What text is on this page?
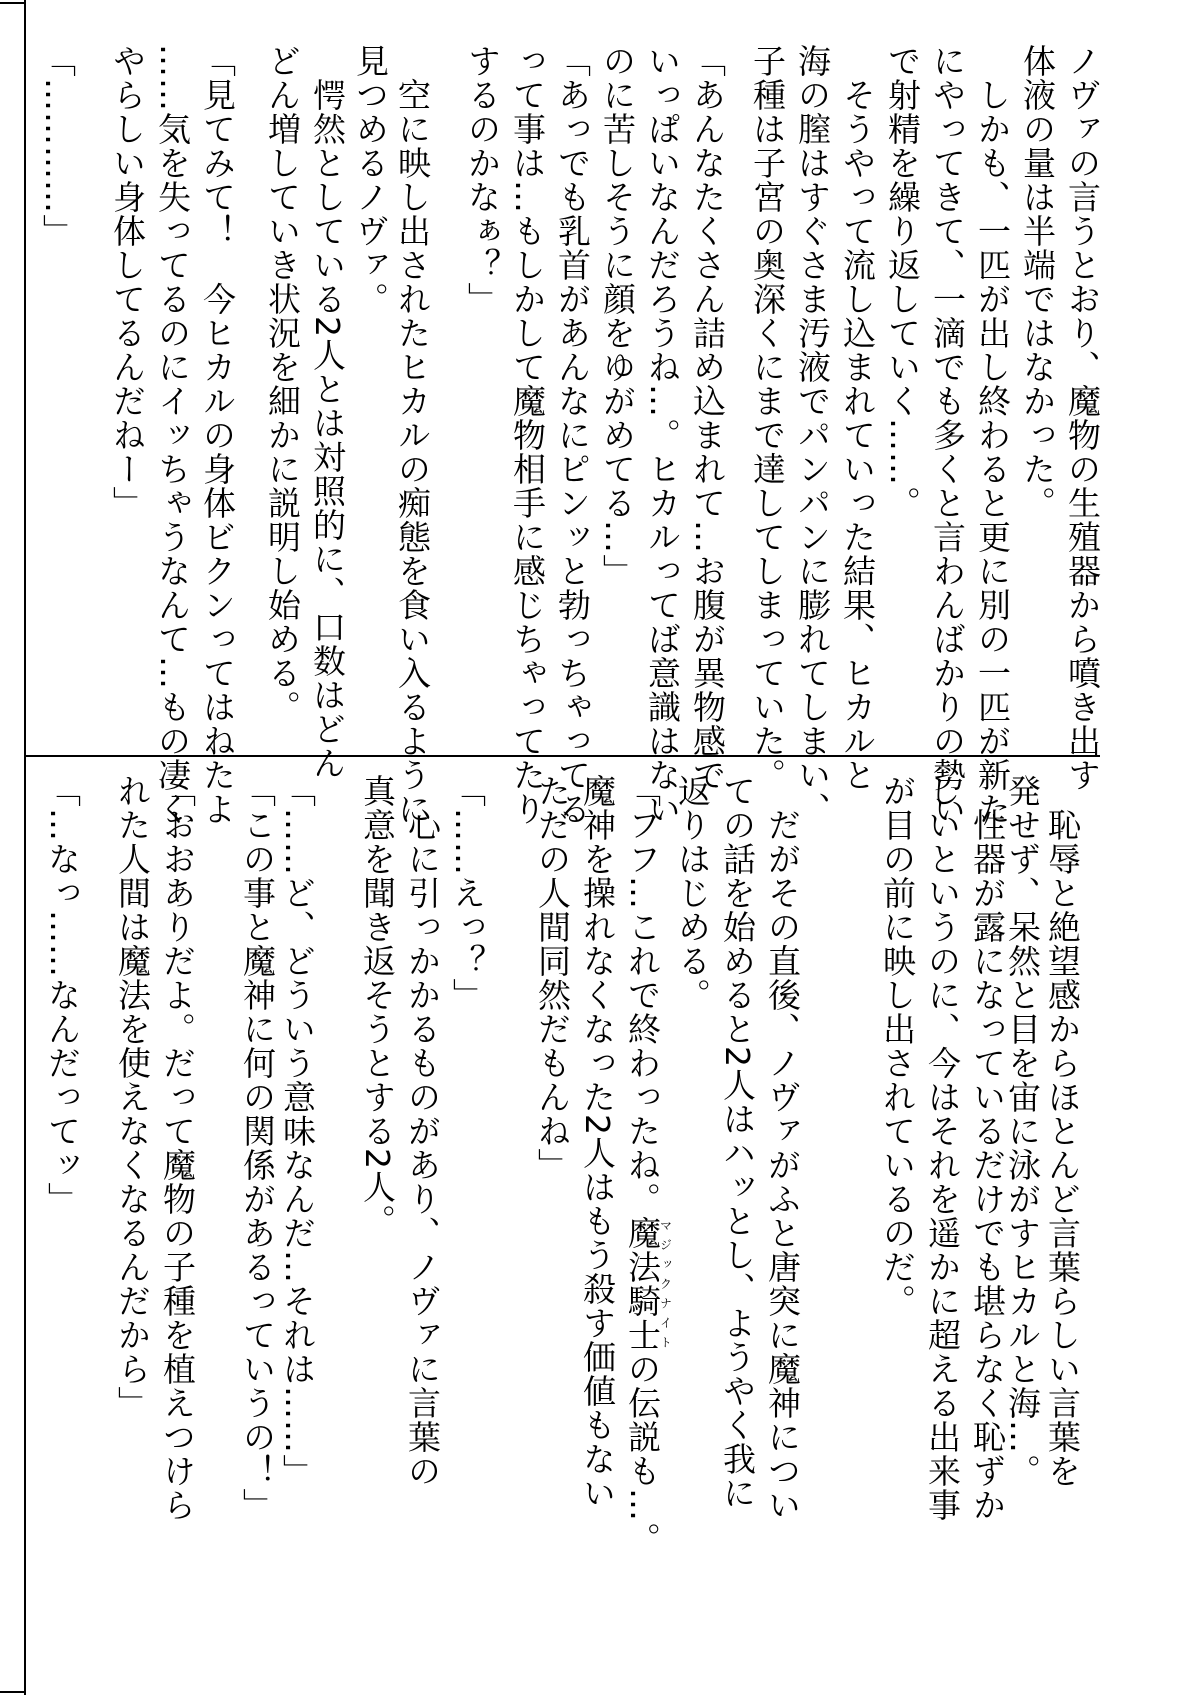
ノヴァの言うとおり、魔物の生殖器から噴き出す
体液の量は半端ではなかった。
　しかも、一匹が出し終わると更に別の一匹が新た
にやってきて、一滴でも多くと言わんばかりの勢い
で射精を繰り返していく……。
　そうやって流し込まれていった結果、ヒカルと
海の膣はすぐさま汚液でパンパンに膨れてしまい、
子種は子宮の奥深くにまで達してしまっていた。
「あんなたくさん詰め込まれて…お腹が異物感で
いっぱいなんだろうね…。ヒカルってば意識はない
のに苦しそうに顔をゆがめてる…」
「あっでも乳首があんなにピンッと勃っちゃってる
って事は…もしかして魔物相手に感じちゃってたり
するのかなぁ？」
　空に映し出されたヒカルの痴態を食い入るように
見つめるノヴァ。
　愕然としている2人とは対照的に、口数はどん
どん増していき状況を細かに説明し始める。
「見てみて！　今ヒカルの身体ビクンってはねたよ
……気を失ってるのにイッちゃうなんて…もの凄く
やらしい身体してるんだねー」
「…………」
　恥辱と絶望感からほとんど言葉らしい言葉を
発せず、呆然と目を宙に泳がすヒカルと海…。
　性器が露になっているだけでも堪らなく恥ずか
しいというのに、今はそれを遥かに超える出来事
が目の前に映し出されているのだ。
　だがその直後、ノヴァがふと唐突に魔神につい
ての話を始めると2人はハッとし、ようやく我に
返りはじめる。
「フフ…これで終わったね。魔法騎士マジックナイトの伝説も…。
魔神を操れなくなった2人はもう殺す価値もない
ただの人間同然だもんね」
「……えっ？」
　心に引っかかるものがあり、ノヴァに言葉の
真意を聞き返そうとする2人。
「……ど、どういう意味なんだ…それは……」
「この事と魔神に何の関係があるっていうの！」
「おおありだよ。だって魔物の子種を植えつけら
れた人間は魔法を使えなくなるんだから」
「…なっ……なんだってッ」
